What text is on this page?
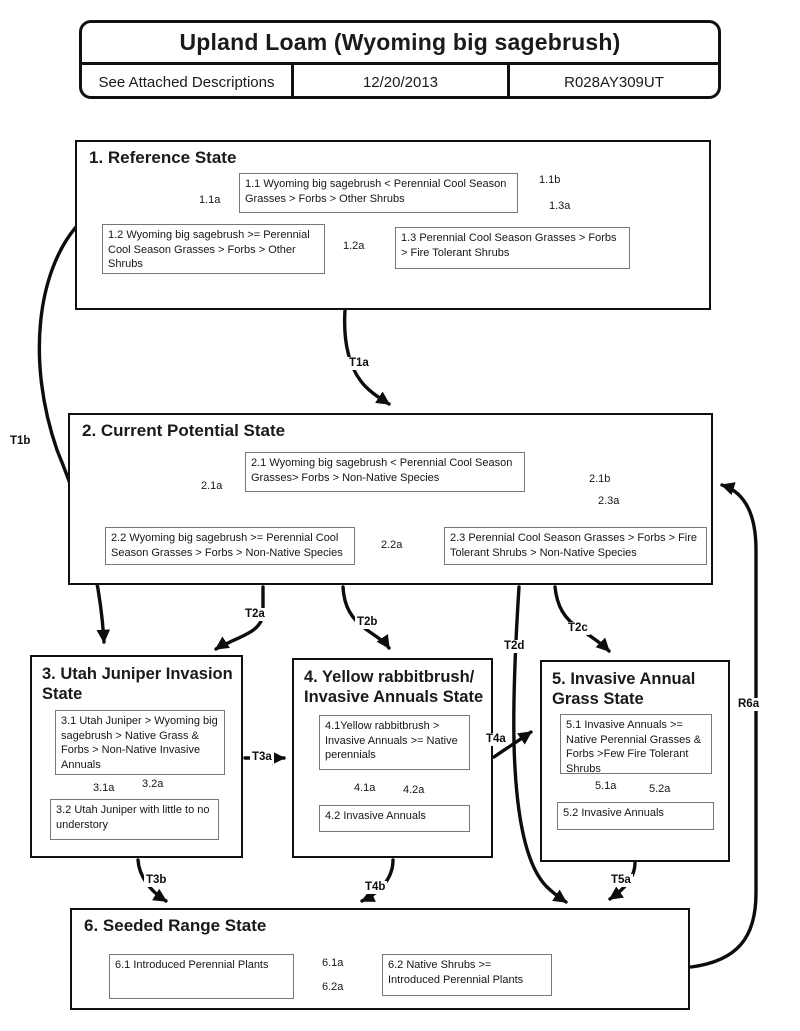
Upland Loam (Wyoming big sagebrush)
See Attached Descriptions	12/20/2013	R028AY309UT
1. Reference State
1.1 Wyoming big sagebrush < Perennial Cool Season Grasses > Forbs > Other Shrubs
1.2 Wyoming big sagebrush >= Perennial Cool Season Grasses > Forbs > Other Shrubs
1.3 Perennial Cool Season Grasses > Forbs > Fire Tolerant Shrubs
2. Current Potential State
2.1 Wyoming big sagebrush < Perennial Cool Season Grasses> Forbs > Non-Native Species
2.2 Wyoming big sagebrush >= Perennial Cool Season Grasses > Forbs > Non-Native Species
2.3 Perennial Cool Season Grasses > Forbs > Fire Tolerant Shrubs > Non-Native Species
3. Utah Juniper Invasion State
3.1 Utah Juniper > Wyoming big sagebrush > Native Grass & Forbs > Non-Native Invasive Annuals
3.2 Utah Juniper with little to no understory
4. Yellow rabbitbrush/ Invasive Annuals State
4.1Yellow rabbitbrush > Invasive Annuals >= Native perennials
4.2 Invasive Annuals
5. Invasive Annual Grass State
5.1 Invasive Annuals >= Native Perennial Grasses & Forbs >Few Fire Tolerant Shrubs
5.2 Invasive Annuals
6. Seeded Range State
6.1 Introduced Perennial Plants	6.2 Native Shrubs >= Introduced Perennial Plants
1.1a
1.2a
1.1b
1.3a
2.1a
2.2a
2.1b
2.3a
3.1a	3.2a	4.1a	4.2a	5.1a	5.2a
6.1a
6.2a
T1a
T1b
T2a
T2b	T2c
T2d
T3a
T4a
T3b
T4b
T5a
R6a
